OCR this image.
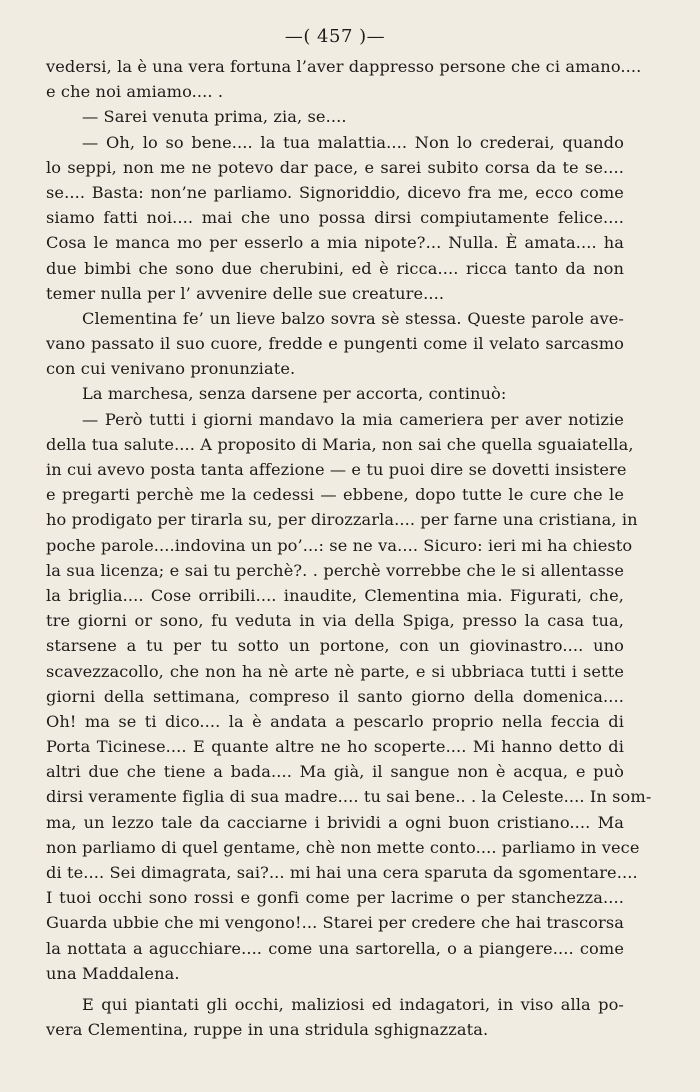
—( 457 )—
vedersi, la è una vera fortuna l’aver dappresso persone che ci amano....
e che noi amiamo.... .
— Sarei venuta prima, zia, se....
— Oh, lo so bene.... la tua malattia.... Non lo crederai, quando
lo seppi, non me ne potevo dar pace, e sarei subito corsa da te se....
se.... Basta: non’ne parliamo. Signoriddio, dicevo fra me, ecco come
siamo fatti noi.... mai che uno possa dirsi compiutamente felice....
Cosa le manca mo per esserlo a mia nipote?... Nulla. È amata.... ha
due bimbi che sono due cherubini, ed è ricca.... ricca tanto da non
temer nulla per l’ avvenire delle sue creature....
Clementina fe’ un lieve balzo sovra sè stessa. Queste parole ave-
vano passato il suo cuore, fredde e pungenti come il velato sarcasmo
con cui venivano pronunziate.
La marchesa, senza darsene per accorta, continuò:
— Però tutti i giorni mandavo la mia cameriera per aver notizie
della tua salute.... A proposito di Maria, non sai che quella sguaiatella,
in cui avevo posta tanta affezione — e tu puoi dire se dovetti insistere
e pregarti perchè me la cedessi — ebbene, dopo tutte le cure che le
ho prodigato per tirarla su, per dirozzarla.... per farne una cristiana, in
poche parole....indovina un po’...: se ne va.... Sicuro: ieri mi ha chiesto
la sua licenza; e sai tu perchè?. . perchè vorrebbe che le si allentasse
la briglia.... Cose orribili.... inaudite, Clementina mia. Figurati, che,
tre giorni or sono, fu veduta in via della Spiga, presso la casa tua,
starsene a tu per tu sotto un portone, con un giovinastro.... uno
scavezzacollo, che non ha nè arte nè parte, e si ubbriaca tutti i sette
giorni della settimana, compreso il santo giorno della domenica....
Oh! ma se ti dico.... la è andata a pescarlo proprio nella feccia di
Porta Ticinese.... E quante altre ne ho scoperte.... Mi hanno detto di
altri due che tiene a bada.... Ma già, il sangue non è acqua, e può
dirsi veramente figlia di sua madre.... tu sai bene.. . la Celeste.... In som-
ma, un lezzo tale da cacciarne i brividi a ogni buon cristiano.... Ma
non parliamo di quel gentame, chè non mette conto.... parliamo in vece
di te.... Sei dimagrata, sai?... mi hai una cera sparuta da sgomentare....
I tuoi occhi sono rossi e gonfi come per lacrime o per stanchezza....
Guarda ubbie che mi vengono!... Starei per credere che hai trascorsa
la nottata a agucchiare.... come una sartorella, o a piangere.... come
una Maddalena.
E qui piantati gli occhi, maliziosi ed indagatori, in viso alla po-
vera Clementina, ruppe in una stridula sghignazzata.
